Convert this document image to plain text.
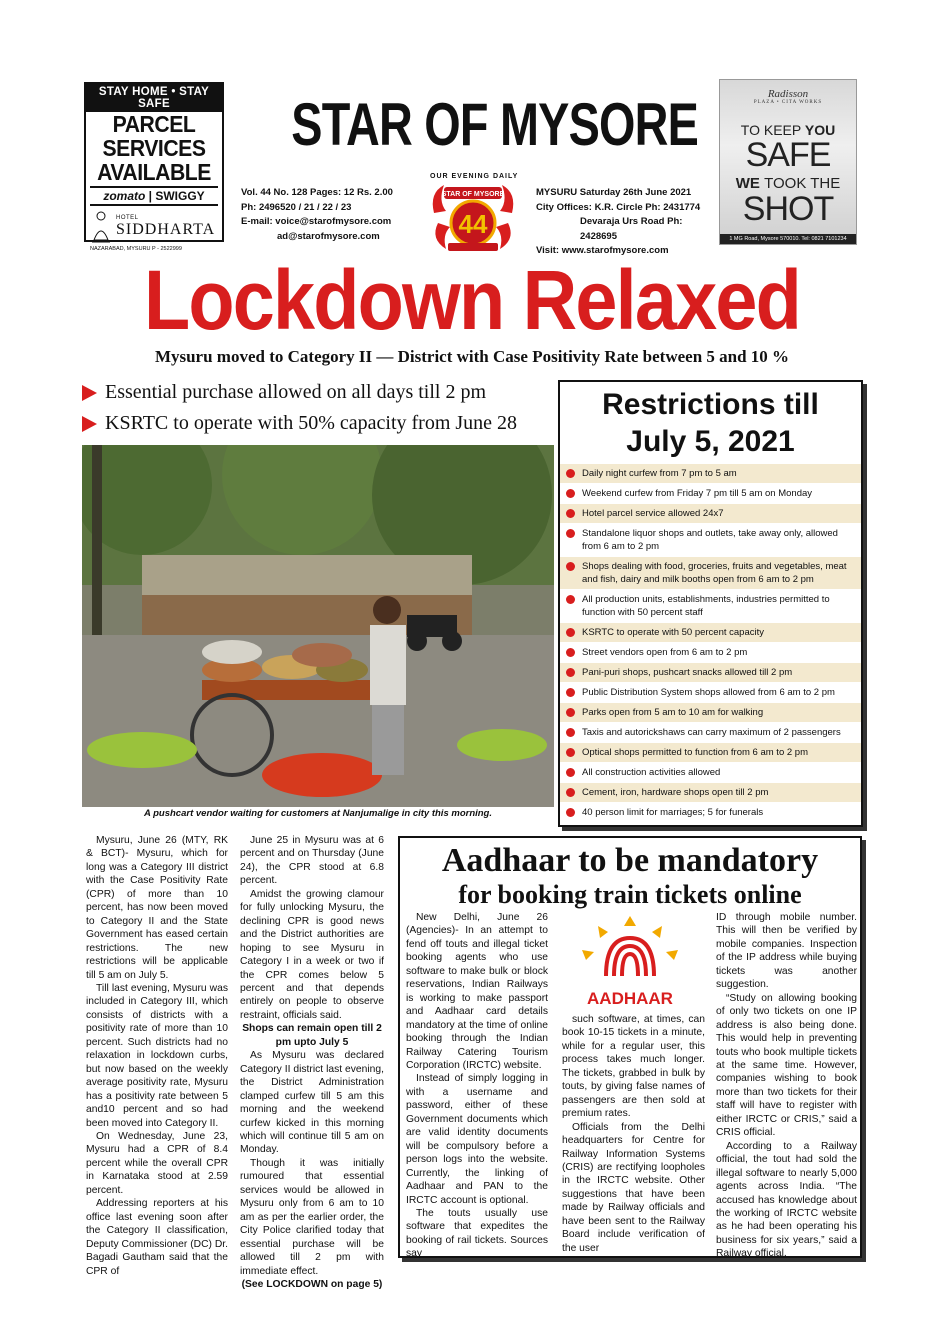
STAY HOME • STAY SAFE
PARCEL
SERVICES
AVAILABLE
zomato | SWIGGY
HOTEL
SIDDHARTA
NAZARABAD, MYSURU P - 2522999
STAR OF MYSORE
OUR EVENING DAILY
Vol. 44 No. 128 Pages: 12 Rs. 2.00
Ph: 2496520 / 21 / 22 / 23
E-mail: voice@starofmysore.com
ad@starofmysore.com
STAR OF MYSORE
44
MYSURU Saturday 26th June 2021
City Offices: K.R. Circle Ph: 2431774
Devaraja Urs Road Ph: 2428695
Visit: www.starofmysore.com
Radisson
PLAZA • CITA WORKS
TO KEEP YOU
SAFE
WE TOOK THE
SHOT
1 MG Road, Mysore 570010. Tel: 0821 7101234
Lockdown Relaxed
Mysuru moved to Category II — District with Case Positivity Rate between 5 and 10 %
Essential purchase allowed on all days till 2 pm
KSRTC to operate with 50% capacity from June 28
A pushcart vendor waiting for customers at Nanjumalige in city this morning.
Restrictions till
July 5, 2021
Daily night curfew from 7 pm to 5 am
Weekend curfew from Friday 7 pm till 5 am on Monday
Hotel parcel service allowed 24x7
Standalone liquor shops and outlets, take away only, allowed from 6 am to 2 pm
Shops dealing with food, groceries, fruits and vegetables, meat and fish, dairy and milk booths open from 6 am to 2 pm
All production units, establishments, industries permitted to function with 50 percent staff
KSRTC to operate with 50 percent capacity
Street vendors open from 6 am to 2 pm
Pani-puri shops, pushcart snacks allowed till 2 pm
Public Distribution System shops allowed from 6 am to 2 pm
Parks open from 5 am to 10 am for walking
Taxis and autorickshaws can carry maximum of 2 passengers
Optical shops permitted to function from 6 am to 2 pm
All construction activities allowed
Cement, iron, hardware shops open till 2 pm
40 person limit for marriages; 5 for funerals

Mysuru, June 26 (MTY, RK & BCT)- Mysuru, which for long was a Category III district with the Case Positivity Rate (CPR) of more than 10 percent, has now been moved to Category II and the State Government has eased certain restrictions. The new restrictions will be applicable till 5 am on July 5.

Till last evening, Mysuru was included in Category III, which consists of districts with a positivity rate of more than 10 percent. Such districts had no relaxation in lockdown curbs, but now based on the weekly average positivity rate, Mysuru has a positivity rate between 5 and10 percent and so had been moved into Category II.

On Wednesday, June 23, Mysuru had a CPR of 8.4 percent while the overall CPR in Karnataka stood at 2.59 percent.

Addressing reporters at his office last evening soon after the Category II classification, Deputy Commissioner (DC) Dr. Bagadi Gautham said that the CPR of

June 25 in Mysuru was at 6 percent and on Thursday (June 24), the CPR stood at 6.8 percent.

Amidst the growing clamour for fully unlocking Mysuru, the declining CPR is good news and the District authorities are hoping to see Mysuru in Category I in a week or two if the CPR comes below 5 percent and that depends entirely on people to observe restraint, officials said.

Shops can remain open till 2 pm upto July 5

As Mysuru was declared Category II district last evening, the District Administration clamped curfew till 5 am this morning and the weekend curfew kicked in this morning which will continue till 5 am on Monday.

Though it was initially rumoured that essential services would be allowed in Mysuru only from 6 am to 10 am as per the earlier order, the City Police clarified today that essential purchase will be allowed till 2 pm with immediate effect.

(See LOCKDOWN on page 5)

Aadhaar to be mandatory
for booking train tickets online

New Delhi, June 26 (Agencies)- In an attempt to fend off touts and illegal ticket booking agents who use software to make bulk or block reservations, Indian Railways is working to make passport and Aadhaar card details mandatory at the time of online booking through the Indian Railway Catering Tourism Corporation (IRCTC) website.

Instead of simply logging in with a username and password, either of these Government documents which are valid identity documents will be compulsory before a person logs into the website. Currently, the linking of Aadhaar and PAN to the IRCTC account is optional.

The touts usually use software that expedites the booking of rail tickets. Sources say

AADHAAR

such software, at times, can book 10-15 tickets in a minute, while for a regular user, this process takes much longer. The tickets, grabbed in bulk by touts, by giving false names of passengers are then sold at premium rates.

Officials from the Delhi headquarters for Centre for Railway Information Systems (CRIS) are rectifying loopholes in the IRCTC website. Other suggestions that have been made by Railway officials and have been sent to the Railway Board include verification of the user

ID through mobile number. This will then be verified by mobile companies. Inspection of the IP address while buying tickets was another suggestion.

“Study on allowing booking of only two tickets on one IP address is also being done. This would help in preventing touts who book multiple tickets at the same time. However, companies wishing to book more than two tickets for their staff will have to register with either IRCTC or CRIS,” said a CRIS official.

According to a Railway official, the tout had sold the illegal software to nearly 5,000 agents across India. “The accused has knowledge about the working of IRCTC website as he had been operating his business for six years,” said a Railway official.
